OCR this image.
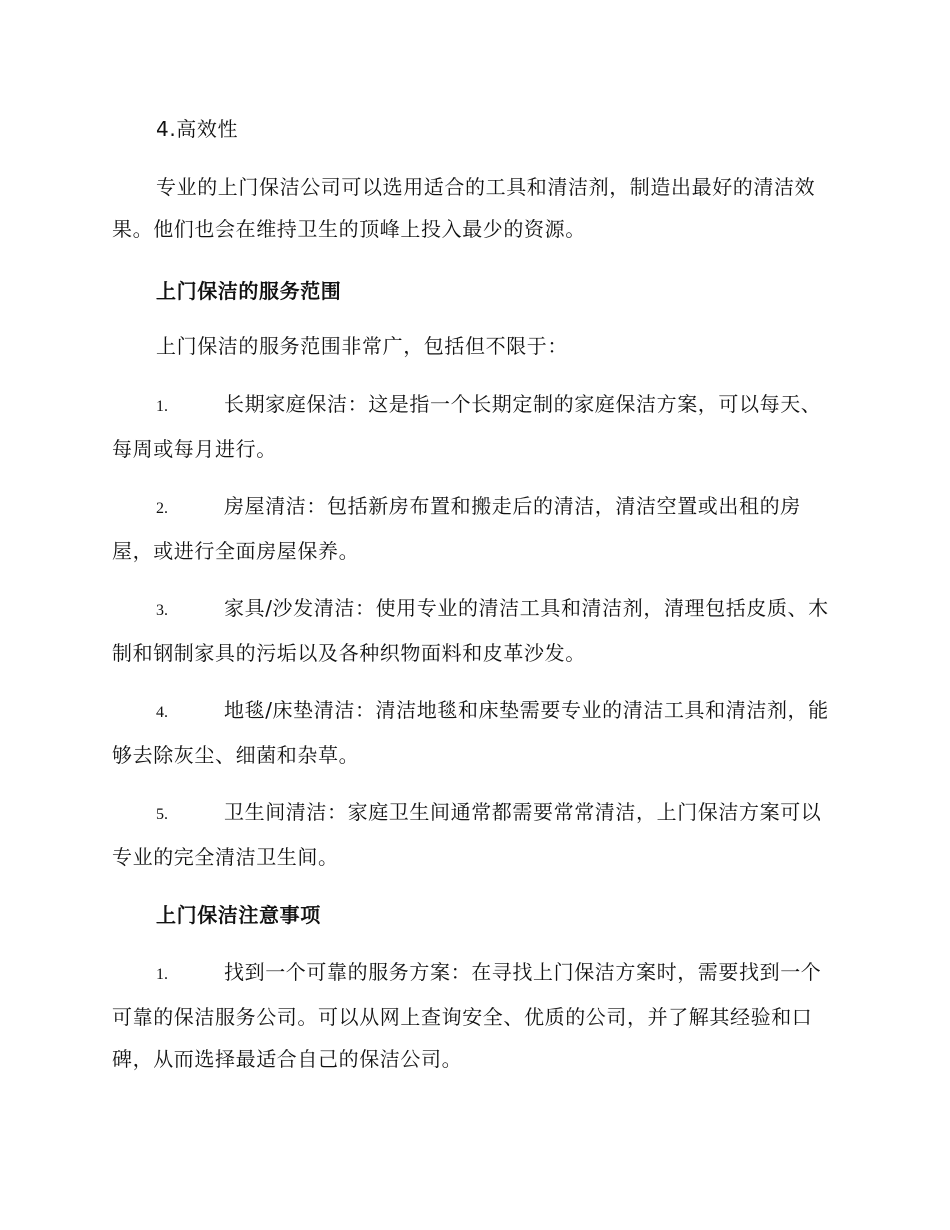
4.高效性

专业的上门保洁公司可以选用适合的工具和清洁剂，制造出最好的清洁效果。他们也会在维持卫生的顶峰上投入最少的资源。

上门保洁的服务范围

上门保洁的服务范围非常广，包括但不限于：

1.	长期家庭保洁：这是指一个长期定制的家庭保洁方案，可以每天、每周或每月进行。

2.	房屋清洁：包括新房布置和搬走后的清洁，清洁空置或出租的房屋，或进行全面房屋保养。

3.	家具/沙发清洁：使用专业的清洁工具和清洁剂，清理包括皮质、木制和钢制家具的污垢以及各种织物面料和皮革沙发。

4.	地毯/床垫清洁：清洁地毯和床垫需要专业的清洁工具和清洁剂，能够去除灰尘、细菌和杂草。

5.	卫生间清洁：家庭卫生间通常都需要常常清洁，上门保洁方案可以专业的完全清洁卫生间。

上门保洁注意事项

1.	找到一个可靠的服务方案：在寻找上门保洁方案时，需要找到一个可靠的保洁服务公司。可以从网上查询安全、优质的公司，并了解其经验和口碑，从而选择最适合自己的保洁公司。
